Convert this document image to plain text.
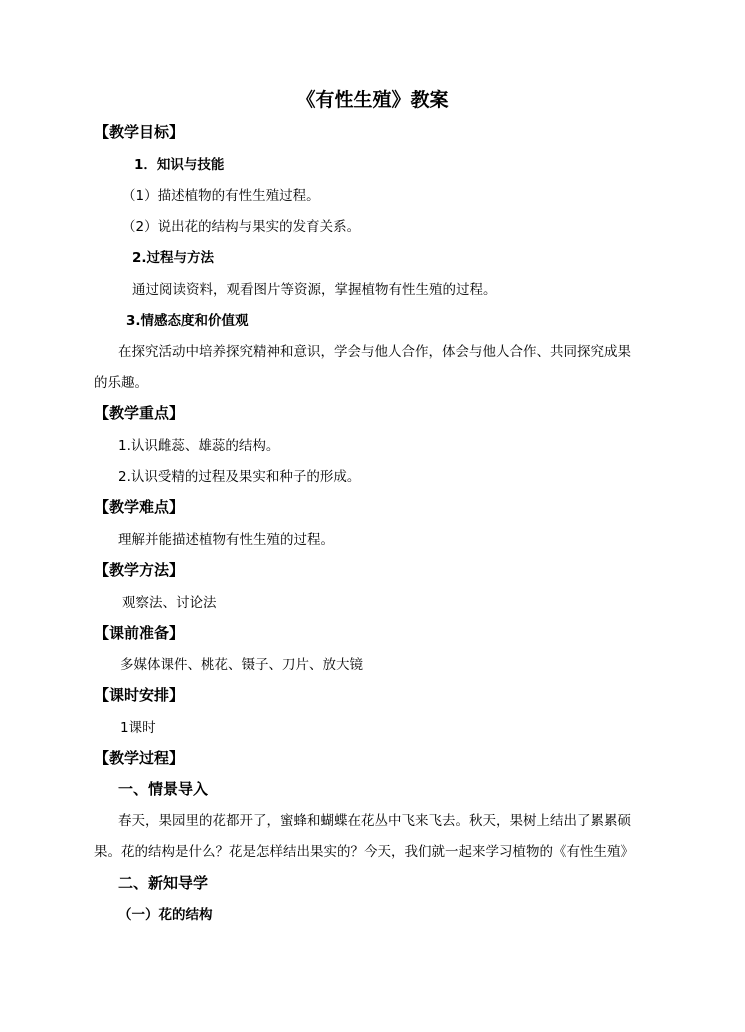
《有性生殖》教案
【教学目标】
1．知识与技能
（1）描述植物的有性生殖过程。
（2）说出花的结构与果实的发育关系。
2.过程与方法
通过阅读资料，观看图片等资源，掌握植物有性生殖的过程。
3.情感态度和价值观
在探究活动中培养探究精神和意识，学会与他人合作，体会与他人合作、共同探究成果
的乐趣。
【教学重点】
1.认识雌蕊、雄蕊的结构。
2.认识受精的过程及果实和种子的形成。
【教学难点】
理解并能描述植物有性生殖的过程。
【教学方法】
观察法、讨论法
【课前准备】
多媒体课件、桃花、镊子、刀片、放大镜
【课时安排】
1课时
【教学过程】
一、情景导入
春天，果园里的花都开了，蜜蜂和蝴蝶在花丛中飞来飞去。秋天，果树上结出了累累硕
果。花的结构是什么？花是怎样结出果实的？今天，我们就一起来学习植物的《有性生殖》
二、新知导学
（一）花的结构
